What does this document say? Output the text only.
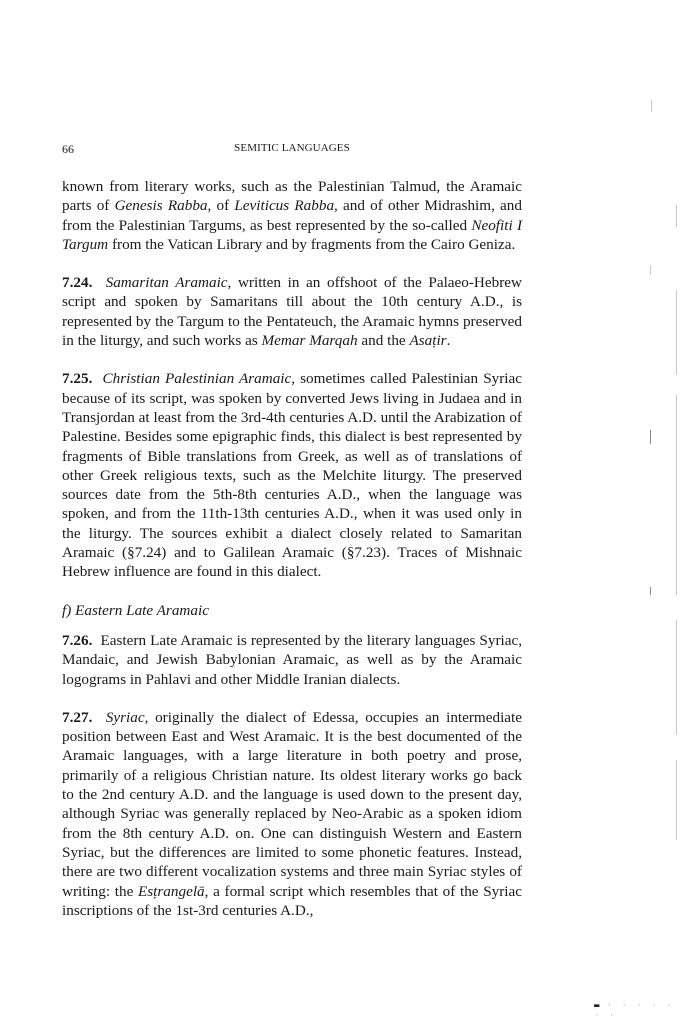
66	SEMITIC LANGUAGES

known from literary works, such as the Palestinian Talmud, the Aramaic parts of Genesis Rabba, of Leviticus Rabba, and of other Midrashim, and from the Palestinian Targums, as best represented by the so-called Neofiti I Targum from the Vatican Library and by fragments from the Cairo Geniza.

7.24. Samaritan Aramaic, written in an offshoot of the Palaeo-Hebrew script and spoken by Samaritans till about the 10th century A.D., is represented by the Targum to the Pentateuch, the Aramaic hymns preserved in the liturgy, and such works as Memar Marqah and the Asaṭir.

7.25. Christian Palestinian Aramaic, sometimes called Palestinian Syriac because of its script, was spoken by converted Jews living in Judaea and in Transjordan at least from the 3rd-4th centuries A.D. until the Arabization of Palestine. Besides some epigraphic finds, this dialect is best represented by fragments of Bible translations from Greek, as well as of translations of other Greek religious texts, such as the Melchite liturgy. The preserved sources date from the 5th-8th centuries A.D., when the language was spoken, and from the 11th-13th centuries A.D., when it was used only in the liturgy. The sources exhibit a dialect closely related to Samaritan Aramaic (§7.24) and to Galilean Aramaic (§7.23). Traces of Mishnaic Hebrew influence are found in this dialect.

f) Eastern Late Aramaic

7.26. Eastern Late Aramaic is represented by the literary languages Syriac, Mandaic, and Jewish Babylonian Aramaic, as well as by the Aramaic logograms in Pahlavi and other Middle Iranian dialects.

7.27. Syriac, originally the dialect of Edessa, occupies an intermediate position between East and West Aramaic. It is the best documented of the Aramaic languages, with a large literature in both poetry and prose, primarily of a religious Christian nature. Its oldest literary works go back to the 2nd century A.D. and the language is used down to the present day, although Syriac was generally replaced by Neo-Arabic as a spoken idiom from the 8th century A.D. on. One can distinguish Western and Eastern Syriac, but the differences are limited to some phonetic features. Instead, there are two different vocalization systems and three main Syriac styles of writing: the Esṭrangelā, a formal script which resembles that of the Syriac inscriptions of the 1st-3rd centuries A.D.,

▬ · · · · · · ·
